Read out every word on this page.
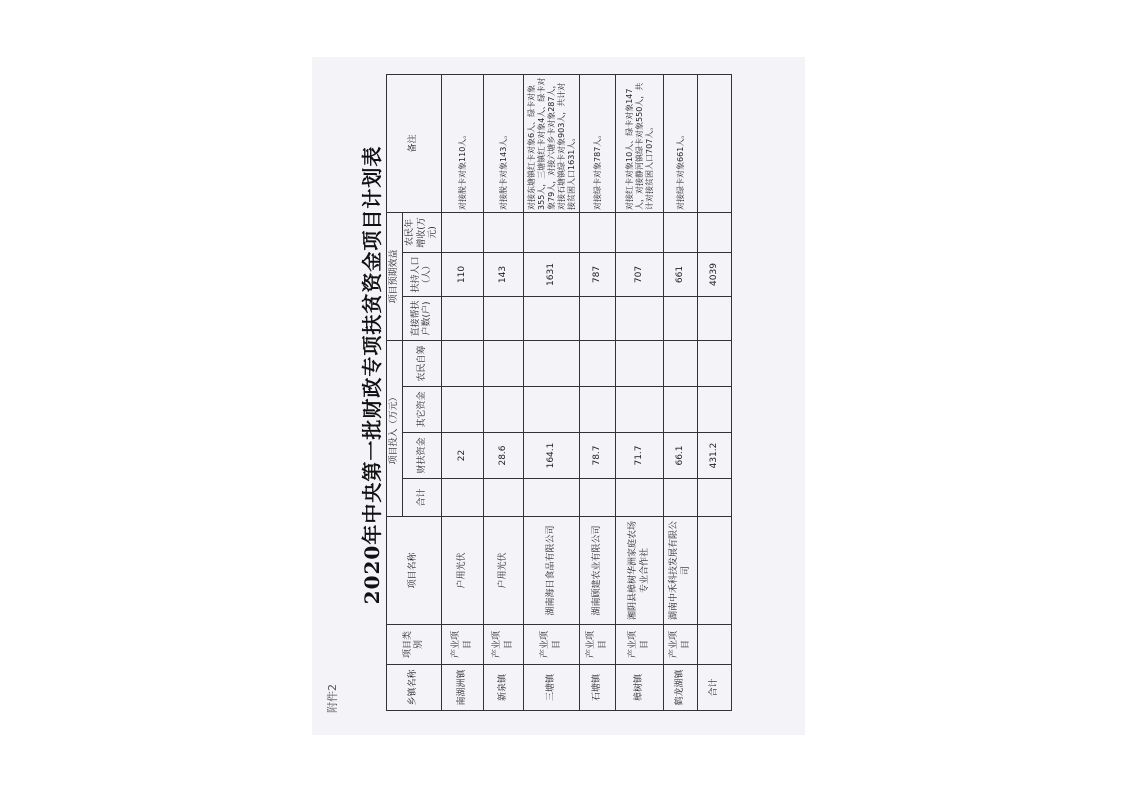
附件2
2020年中央第一批财政专项扶贫资金项目计划表
乡镇名称	项目类别	项目名称	项目投入（万元）				项目预期效益			备注
			合计	财扶资金	其它资金	农民自筹	直接帮扶户数(户)	扶持人口（人）	农民年增收(万元)	
南湖洲镇	产业项目	户用光伏		22				110		对接脱卡对象110人。
新泉镇	产业项目	户用光伏		28.6				143		对接脱卡对象143人。
三塘镇	产业项目	湖南海日食品有限公司		164.1				1631		对接东塘镇红卡对象6人、绿卡对象355人，三塘镇红卡对象4人、绿卡对象79人，对接六塘乡卡对象287人，对接石塘镇绿卡对象903人，共计对接贫困人口1631人。
石塘镇	产业项目	湖南顾建农业有限公司		78.7				787		对接绿卡对象787人。
樟树镇	产业项目	湘阴县樟树华洲家庭农场专业合作社		71.7				707		对接红卡对象10人、绿卡对象147人，对接静河镇绿卡对象550人，共计对接贫困人口707人。
鹤龙湖镇	产业项目	湖南中禾科技发展有限公司		66.1				661		对接绿卡对象661人。
合计				431.2				4039		
